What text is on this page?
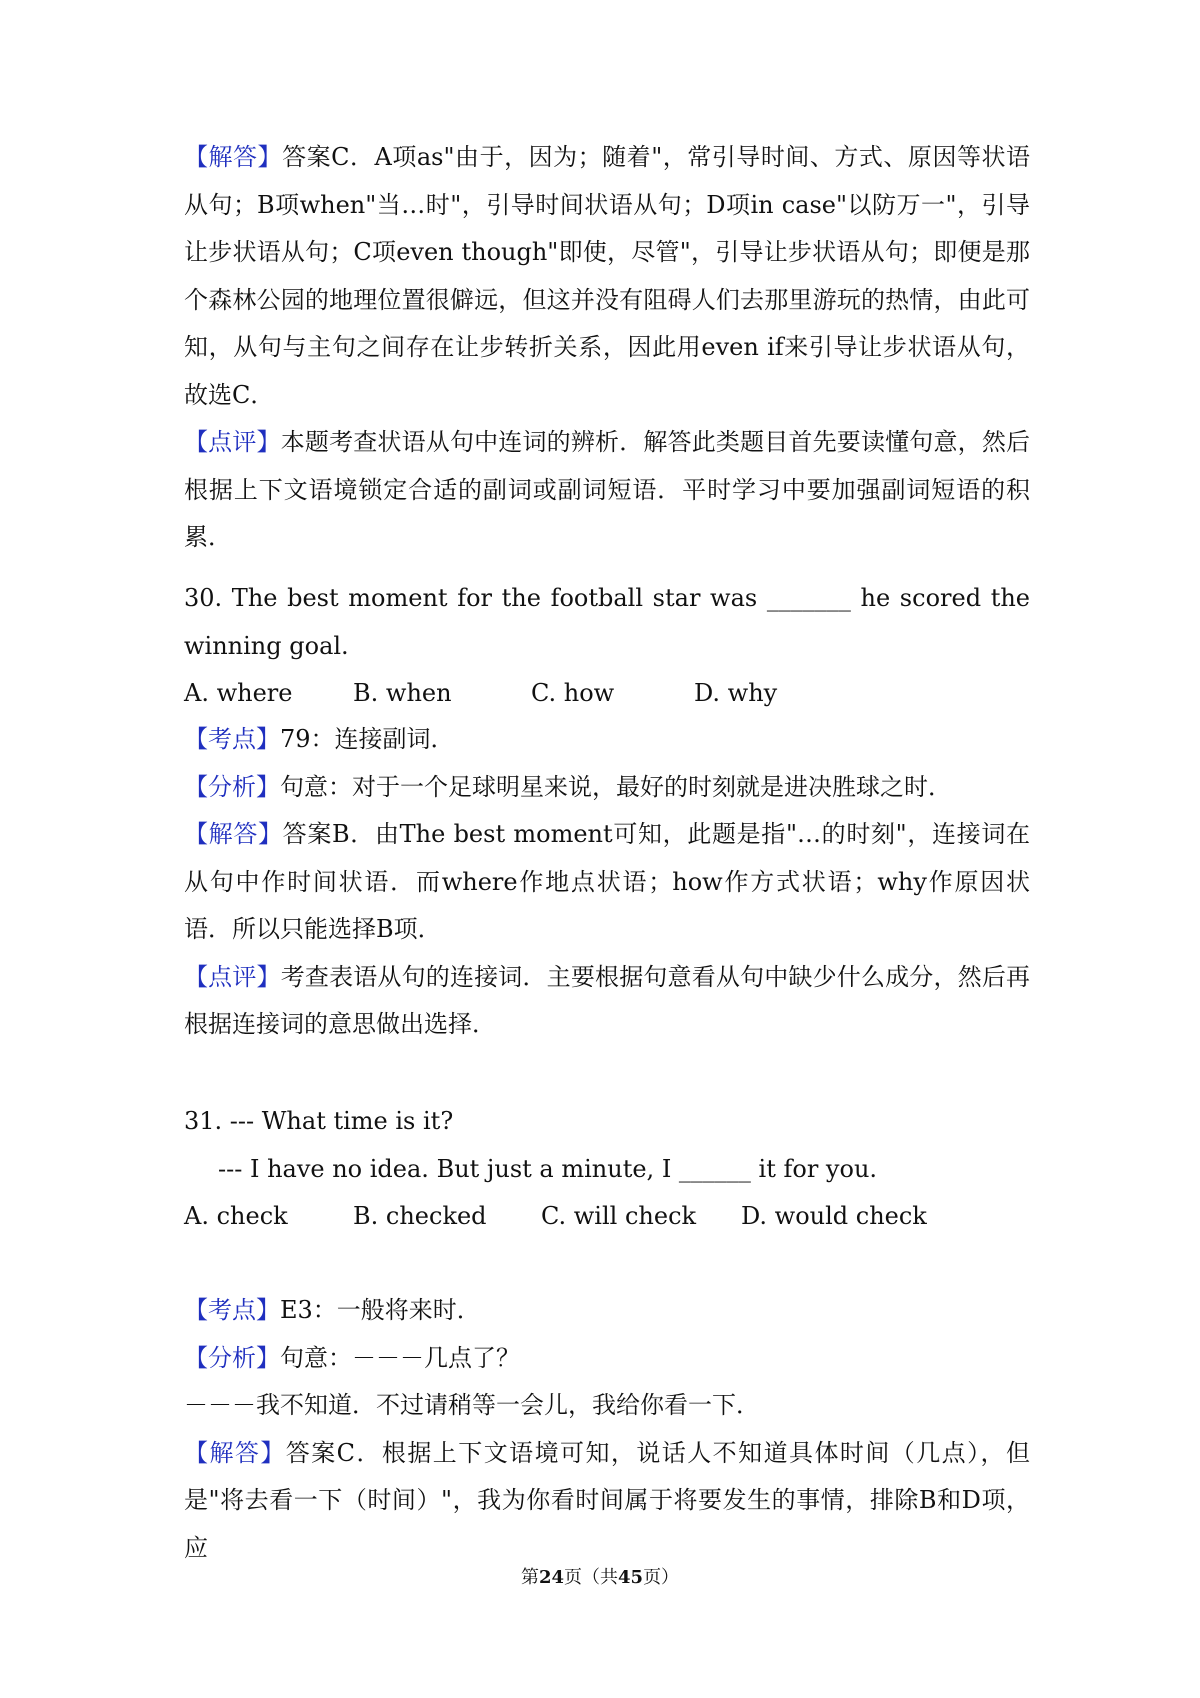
【解答】答案C．A项as"由于，因为；随着"，常引导时间、方式、原因等状语从句；B项when"当…时"，引导时间状语从句；D项in case"以防万一"，引导让步状语从句；C项even though"即使，尽管"，引导让步状语从句；即便是那个森林公园的地理位置很僻远，但这并没有阻碍人们去那里游玩的热情，由此可知，从句与主句之间存在让步转折关系，因此用even if来引导让步状语从句，故选C．

【点评】本题考查状语从句中连词的辨析．解答此类题目首先要读懂句意，然后根据上下文语境锁定合适的副词或副词短语．平时学习中要加强副词短语的积累．

30. The best moment for the football star was _______ he scored the winning goal.

A. where	B. when	C. how	D. why

【考点】79：连接副词．

【分析】句意：对于一个足球明星来说，最好的时刻就是进决胜球之时．

【解答】答案B．由The best moment可知，此题是指"…的时刻"，连接词在从句中作时间状语．而where作地点状语；how作方式状语；why作原因状语．所以只能选择B项．

【点评】考查表语从句的连接词．主要根据句意看从句中缺少什么成分，然后再根据连接词的意思做出选择．

31. --- What time is it?

--- I have no idea. But just a minute, I ______ it for you.

A. check	B. checked C. will check D. would check

【考点】E3：一般将来时．

【分析】句意：－－－几点了？

－－－我不知道．不过请稍等一会儿，我给你看一下．

【解答】答案C．根据上下文语境可知，说话人不知道具体时间（几点），但是"将去看一下（时间）"，我为你看时间属于将要发生的事情，排除B和D项，应

第24页（共45页）
